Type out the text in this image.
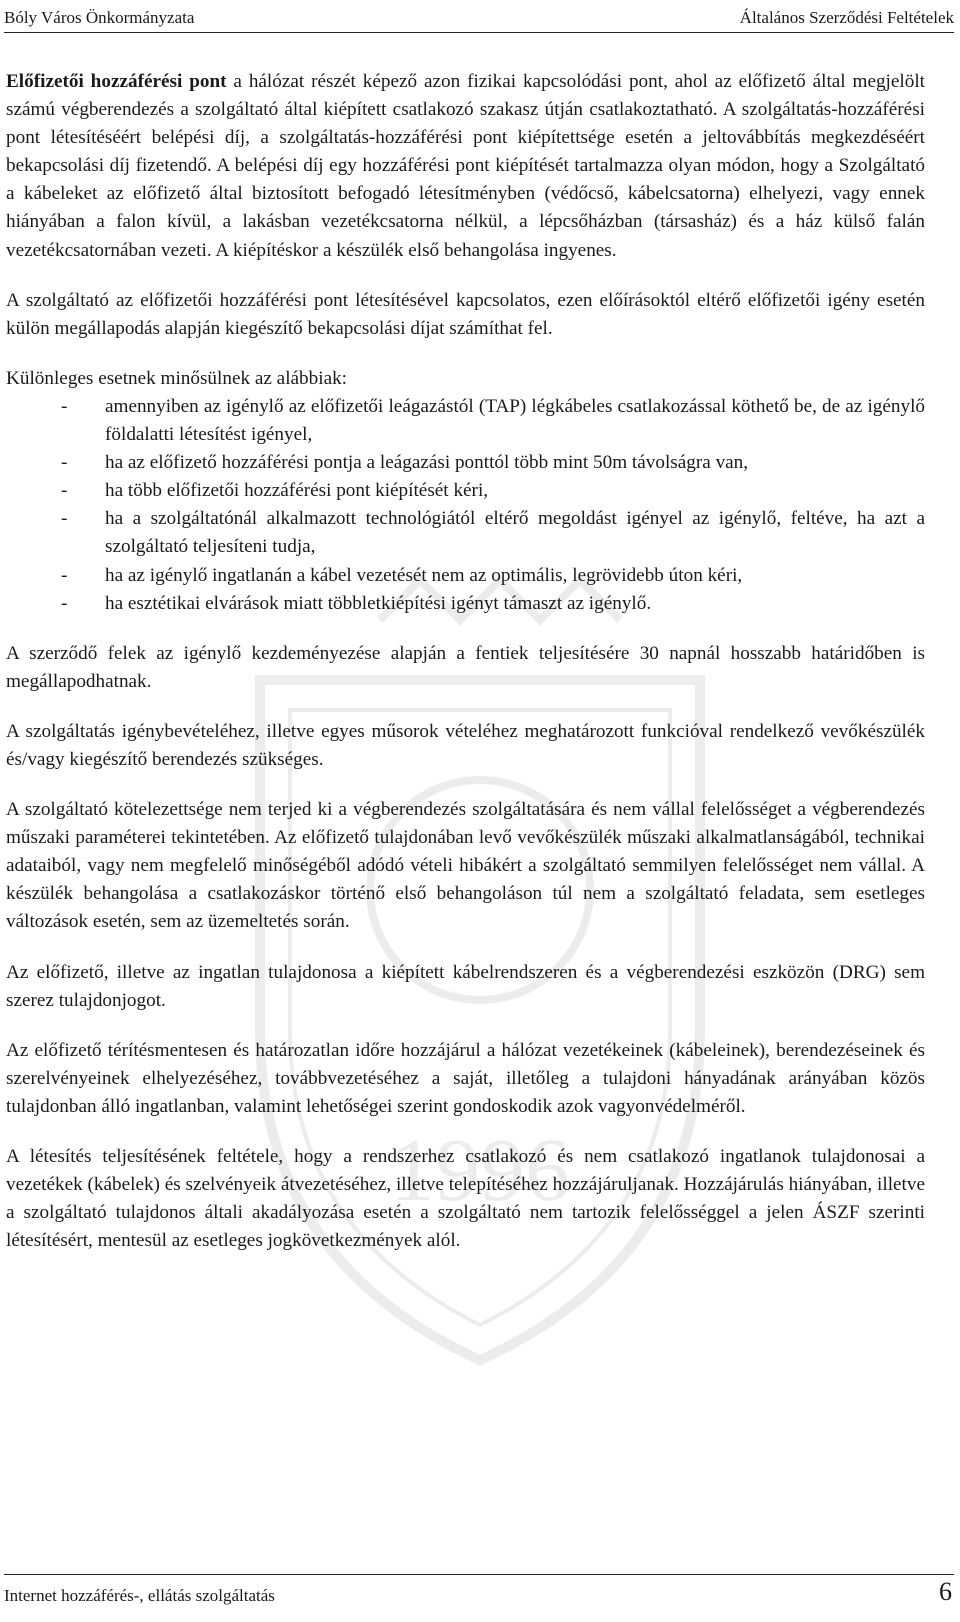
Bóly Város Önkormányzata	Általános Szerződési Feltételek
1996

Előfizetői hozzáférési pont a hálózat részét képező azon fizikai kapcsolódási pont, ahol az előfizető által megjelölt számú végberendezés a szolgáltató által kiépített csatlakozó szakasz útján csatlakoztatható. A szolgáltatás-hozzáférési pont létesítéséért belépési díj, a szolgáltatás-hozzáférési pont kiépítettsége esetén a jeltovábbítás megkezdéséért bekapcsolási díj fizetendő. A belépési díj egy hozzáférési pont kiépítését tartalmazza olyan módon, hogy a Szolgáltató a kábeleket az előfizető által biztosított befogadó létesítményben (védőcső, kábelcsatorna) elhelyezi, vagy ennek hiányában a falon kívül, a lakásban vezetékcsatorna nélkül, a lépcsőházban (társasház) és a ház külső falán vezetékcsatornában vezeti. A kiépítéskor a készülék első behangolása ingyenes.

A szolgáltató az előfizetői hozzáférési pont létesítésével kapcsolatos, ezen előírásoktól eltérő előfizetői igény esetén külön megállapodás alapján kiegészítő bekapcsolási díjat számíthat fel.

Különleges esetnek minősülnek az alábbiak:

- amennyiben az igénylő az előfizetői leágazástól (TAP) légkábeles csatlakozással köthető be, de az igénylő földalatti létesítést igényel,
- ha az előfizető hozzáférési pontja a leágazási ponttól több mint 50m távolságra van,
- ha több előfizetői hozzáférési pont kiépítését kéri,
- ha a szolgáltatónál alkalmazott technológiától eltérő megoldást igényel az igénylő, feltéve, ha azt a szolgáltató teljesíteni tudja,
- ha az igénylő ingatlanán a kábel vezetését nem az optimális, legrövidebb úton kéri,
- ha esztétikai elvárások miatt többletkiépítési igényt támaszt az igénylő.

A szerződő felek az igénylő kezdeményezése alapján a fentiek teljesítésére 30 napnál hosszabb határidőben is megállapodhatnak.

A szolgáltatás igénybevételéhez, illetve egyes műsorok vételéhez meghatározott funkcióval rendelkező vevőkészülék és/vagy kiegészítő berendezés szükséges.

A szolgáltató kötelezettsége nem terjed ki a végberendezés szolgáltatására és nem vállal felelősséget a végberendezés műszaki paraméterei tekintetében. Az előfizető tulajdonában levő vevőkészülék műszaki alkalmatlanságából, technikai adataiból, vagy nem megfelelő minőségéből adódó vételi hibákért a szolgáltató semmilyen felelősséget nem vállal. A készülék behangolása a csatlakozáskor történő első behangoláson túl nem a szolgáltató feladata, sem esetleges változások esetén, sem az üzemeltetés során.

Az előfizető, illetve az ingatlan tulajdonosa a kiépített kábelrendszeren és a végberendezési eszközön (DRG) sem szerez tulajdonjogot.

Az előfizető térítésmentesen és határozatlan időre hozzájárul a hálózat vezetékeinek (kábeleinek), berendezéseinek és szerelvényeinek elhelyezéséhez, továbbvezetéséhez a saját, illetőleg a tulajdoni hányadának arányában közös tulajdonban álló ingatlanban, valamint lehetőségei szerint gondoskodik azok vagyonvédelméről.

A létesítés teljesítésének feltétele, hogy a rendszerhez csatlakozó és nem csatlakozó ingatlanok tulajdonosai a vezetékek (kábelek) és szelvényeik átvezetéséhez, illetve telepítéséhez hozzájáruljanak. Hozzájárulás hiányában, illetve a szolgáltató tulajdonos általi akadályozása esetén a szolgáltató nem tartozik felelősséggel a jelen ÁSZF szerinti létesítésért, mentesül az esetleges jogkövetkezmények alól.

Internet hozzáférés-, ellátás szolgáltatás	6
